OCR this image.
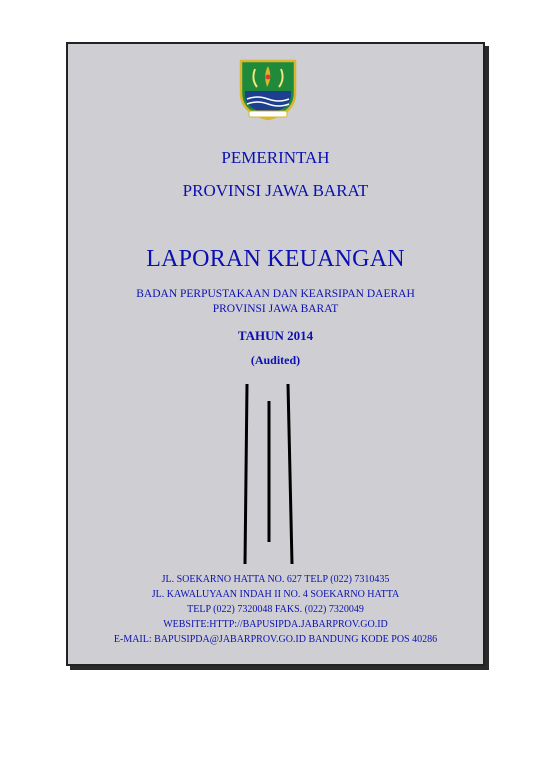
PEMERINTAH
PROVINSI JAWA BARAT
LAPORAN KEUANGAN
BADAN PERPUSTAKAAN DAN KEARSIPAN DAERAH
PROVINSI JAWA BARAT
TAHUN 2014
(Audited)
JL. SOEKARNO HATTA NO. 627 TELP (022) 7310435
JL. KAWALUYAAN INDAH II NO. 4 SOEKARNO HATTA
TELP (022) 7320048 FAKS. (022) 7320049
WEBSITE:HTTP://BAPUSIPDA.JABARPROV.GO.ID
E-MAIL: BAPUSIPDA@JABARPROV.GO.ID BANDUNG KODE POS 40286
